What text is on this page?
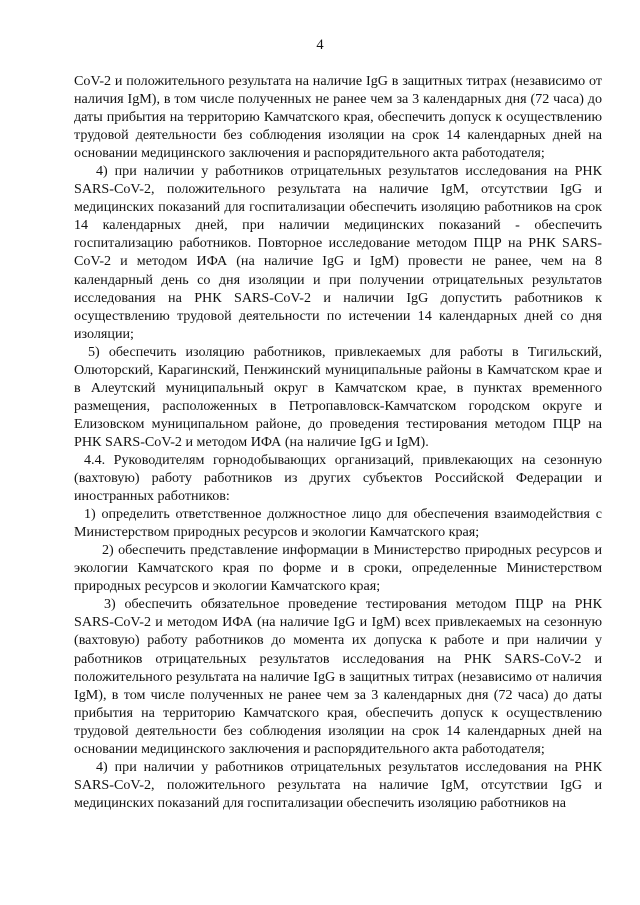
4

CoV-2 и положительного результата на наличие IgG в защитных титрах (независимо от наличия IgM), в том числе полученных не ранее чем за 3 календарных дня (72 часа) до даты прибытия на территорию Камчатского края, обеспечить допуск к осуществлению трудовой деятельности без соблюдения изоляции на срок 14 календарных дней на основании медицинского заключения и распорядительного акта работодателя;

4) при наличии у работников отрицательных результатов исследования на РНК SARS-CoV-2, положительного результата на наличие IgM, отсутствии IgG и медицинских показаний для госпитализации обеспечить изоляцию работников на срок 14 календарных дней, при наличии медицинских показаний - обеспечить госпитализацию работников. Повторное исследование методом ПЦР на РНК SARS-CoV-2 и методом ИФА (на наличие IgG и IgM) провести не ранее, чем на 8 календарный день со дня изоляции и при получении отрицательных результатов исследования на РНК SARS-CoV-2 и наличии IgG допустить работников к осуществлению трудовой деятельности по истечении 14 календарных дней со дня изоляции;

5) обеспечить изоляцию работников, привлекаемых для работы в Тигильский, Олюторский, Карагинский, Пенжинский муниципальные районы в Камчатском крае и в Алеутский муниципальный округ в Камчатском крае, в пунктах временного размещения, расположенных в Петропавловск-Камчатском городском округе и Елизовском муниципальном районе, до проведения тестирования методом ПЦР на РНК SARS-CoV-2 и методом ИФА (на наличие IgG и IgM).

4.4. Руководителям горнодобывающих организаций, привлекающих на сезонную (вахтовую) работу работников из других субъектов Российской Федерации и иностранных работников:

1) определить ответственное должностное лицо для обеспечения взаимодействия с Министерством природных ресурсов и экологии Камчатского края;

2) обеспечить представление информации в Министерство природных ресурсов и экологии Камчатского края по форме и в сроки, определенные Министерством природных ресурсов и экологии Камчатского края;

3) обеспечить обязательное проведение тестирования методом ПЦР на РНК SARS-CoV-2 и методом ИФА (на наличие IgG и IgM) всех привлекаемых на сезонную (вахтовую) работу работников до момента их допуска к работе и при наличии у работников отрицательных результатов исследования на РНК SARS-CoV-2 и положительного результата на наличие IgG в защитных титрах (независимо от наличия IgM), в том числе полученных не ранее чем за 3 календарных дня (72 часа) до даты прибытия на территорию Камчатского края, обеспечить допуск к осуществлению трудовой деятельности без соблюдения изоляции на срок 14 календарных дней на основании медицинского заключения и распорядительного акта работодателя;

4) при наличии у работников отрицательных результатов исследования на РНК SARS-CoV-2, положительного результата на наличие IgM, отсутствии IgG и медицинских показаний для госпитализации обеспечить изоляцию работников на
